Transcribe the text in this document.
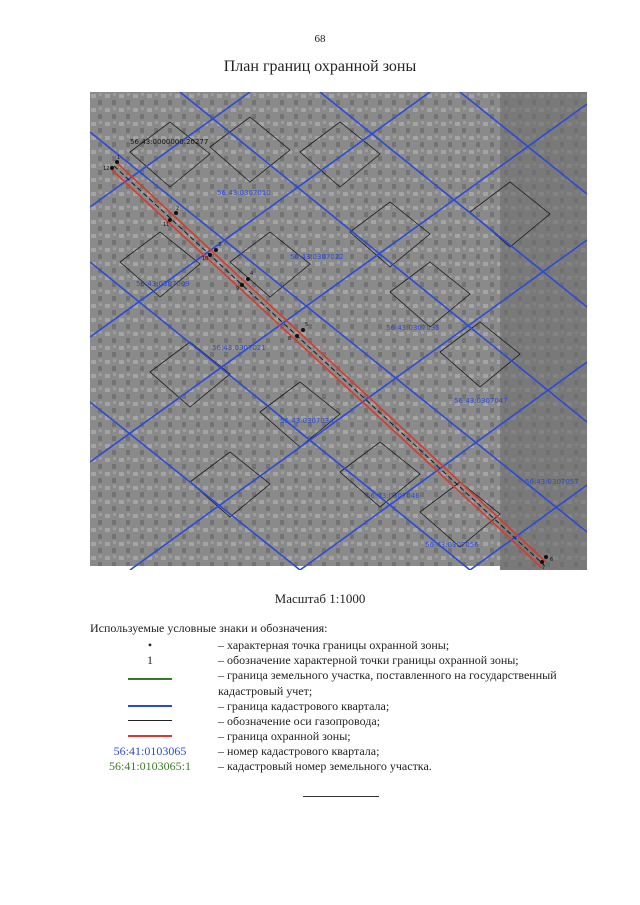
68
План границ охранной зоны
1
2
3
4
5
6
7
8
9
10
11
12
56:43:0000000:20277
56:43:0307010
56:43:0307022
56:43:0307009
56:43:0307035
56:43:0307021
56:43:0307047
56:43:0307034
56:43:0307046
56:43:0307057
56:43:0307056
Масштаб 1:1000
Используемые условные знаки и обозначения:
•	– характерная точка границы охранной зоны;
1	– обозначение характерной точки границы охранной зоны;
– граница земельного участка, поставленного на государственный кадастровый учет;
– граница кадастрового квартала;
– обозначение оси газопровода;
– граница охранной зоны;
56:41:0103065	– номер кадастрового квартала;
56:41:0103065:1	– кадастровый номер земельного участка.
